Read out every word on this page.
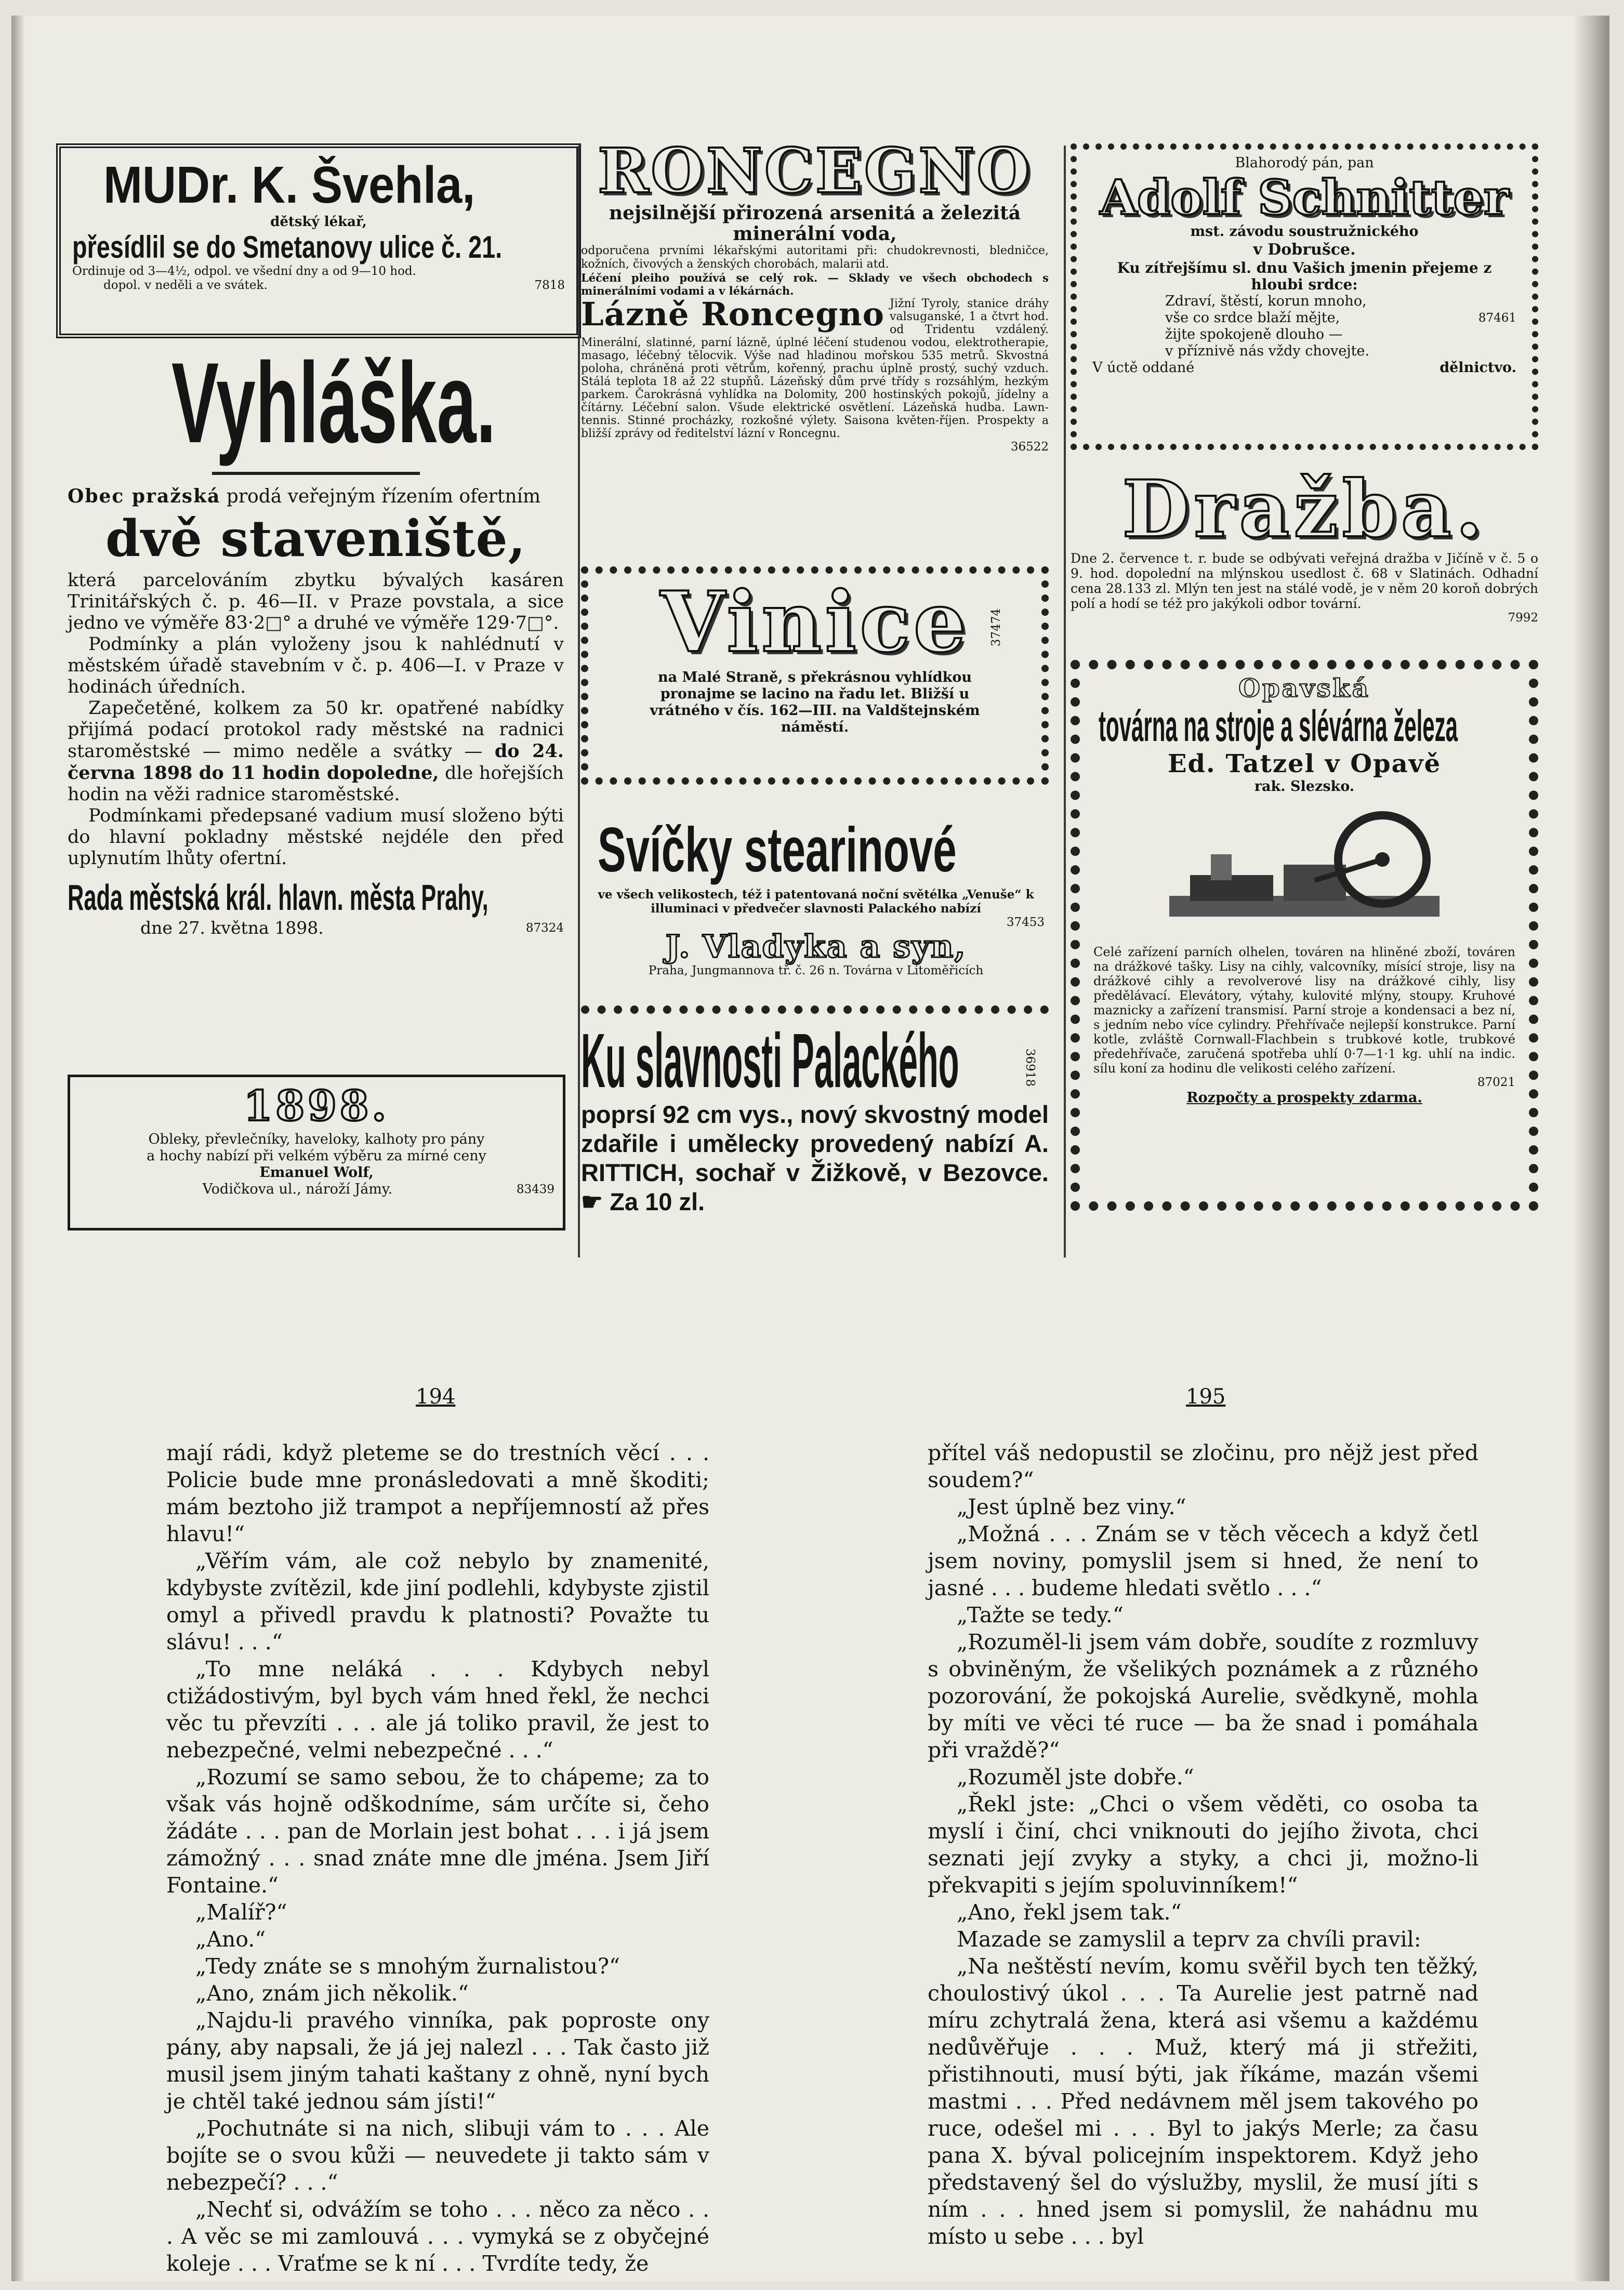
MUDr. K. Švehla,
dětský lékař,
přesídlil se do Smetanovy ulice č. 21.
Ordinuje od 3—4½, odpol. ve všední dny a od 9—10 hod.
dopol. v neděli a ve svátek.	7818
Vyhláška.
Obec pražská prodá veřejným řízením ofertním
dvě staveniště,

která parcelováním zbytku bývalých kasáren Trinitářských č. p. 46—II. v Praze povstala, a sice jedno ve výměře 83·2□° a druhé ve výměře 129·7□°.

Podmínky a plán vyloženy jsou k nahlédnutí v městském úřadě stavebním v č. p. 406—I. v Praze v hodinách úředních.

Zapečetěné, kolkem za 50 kr. opatřené nabídky přijímá podací protokol rady městské na radnici staroměstské — mimo neděle a svátky — do 24. června 1898 do 11 hodin dopoledne, dle hořejších hodin na věži radnice staroměstské.

Podmínkami předepsané vadium musí složeno býti do hlavní pokladny městské nejdéle den před uplynutím lhůty ofertní.

Rada městská král. hlavn. města Prahy,
dne 27. května 1898.	87324
1898.
Obleky, převlečníky, haveloky, kalhoty pro pány a hochy nabízí při velkém výběru za mírné ceny
Emanuel Wolf,
Vodičkova ul., nároží Jámy.	83439
RONCEGNO
nejsilnější přirozená arsenitá a železitá minerální voda,
odporučena prvními lékařskými autoritami při: chudokrevnosti, bledničce, kožních, čivových a ženských chorobách, malarii atd.
Léčení pleiho používá se celý rok. — Sklady ve všech obchodech s minerálními vodami a v lékárnách.
Lázně Roncegno Jižní Tyroly, stanice dráhy valsuganské, 1 a čtvrt hod. od Tridentu vzdálený. Minerální, slatinné, parní lázně, úplné léčení studenou vodou, elektrotherapie, masago, léčebný tělocvik. Výše nad hladinou mořskou 535 metrů. Skvostná poloha, chráněná proti větrům, kořenný, prachu úplně prostý, suchý vzduch. Stálá teplota 18 až 22 stupňů. Lázeňský dům prvé třídy s rozsáhlým, hezkým parkem. Čarokrásná vyhlídka na Dolomity, 200 hostinských pokojů, jídelny a čítárny. Léčební salon. Všude elektrické osvětlení. Lázeňská hudba. Lawn-tennis. Stinné procházky, rozkošné výlety. Saisona květen-říjen. Prospekty a bližší zprávy od ředitelství lázní v Roncegnu.
36522
Vinice
na Malé Straně, s překrásnou vyhlídkou pronajme se lacino na řadu let. Bližší u vrátného v čís. 162—III. na Valdštejnském náměstí.
37474
Svíčky stearinové
ve všech velikostech, též i patentovaná noční světélka „Venuše“ k illuminaci v předvečer slavnosti Palackého nabízí
37453
J. Vladyka a syn,
Praha, Jungmannova tř. č. 26 n. Továrna v Litoměřicích
Ku slavnosti Palackého
poprsí 92 cm vys., nový skvostný model zdařile i umělecky provedený nabízí A. RITTICH, sochař v Žižkově, v Bezovce. ☛ Za 10 zl.
36918
Blahorodý pán, pan
Adolf Schnitter
mst. závodu soustružnického
v Dobrušce.
Ku zítřejšímu sl. dnu Vašich jmenin přejeme z hloubi srdce:
Zdraví, štěstí, korun mnoho,
vše co srdce blaží mějte,	87461
žijte spokojeně dlouho —
v příznivě nás vždy chovejte.
V úctě oddané	dělnictvo.
Dražba.
Dne 2. července t. r. bude se odbývati veřejná dražba v Jičíně v č. 5 o 9. hod. dopolední na mlýnskou usedlost č. 68 v Slatinách. Odhadní cena 28.133 zl. Mlýn ten jest na stálé vodě, je v něm 20 koroň dobrých polí a hodí se též pro jakýkoli odbor tovární.
7992
Opavská
továrna na stroje a slévárna železa
Ed. Tatzel v Opavě
rak. Slezsko.
Celé zařízení parních olhelen, továren na hliněné zboží, továren na drážkové tašky. Lisy na cihly, valcovníky, mísící stroje, lisy na drážkové cihly a revolverové lisy na drážkové cihly, lisy předělávací. Elevátory, výtahy, kulovité mlýny, stoupy. Kruhové maznicky a zařízení transmisí. Parní stroje a kondensaci a bez ní, s jedním nebo více cylindry. Přehřívače nejlepší konstrukce. Parní kotle, zvláště Cornwall-Flachbein s trubkové kotle, trubkové předehřívače, zaručená spotřeba uhlí 0·7—1·1 kg. uhlí na indic. sílu koní za hodinu dle velikosti celého zařízení.
87021
Rozpočty a prospekty zdarma.
194	195

mají rádi, když pleteme se do trestních věcí . . . Policie bude mne pronásledovati a mně škoditi; mám beztoho již trampot a nepříjemností až přes hlavu!“

„Věřím vám, ale což nebylo by znamenité, kdybyste zvítězil, kde jiní podlehli, kdybyste zjistil omyl a přivedl pravdu k platnosti? Považte tu slávu! . . .“

„To mne neláká . . . Kdybych nebyl ctižádostivým, byl bych vám hned řekl, že nechci věc tu převzíti . . . ale já toliko pravil, že jest to nebezpečné, velmi nebezpečné . . .“

„Rozumí se samo sebou, že to chápeme; za to však vás hojně odškodníme, sám určíte si, čeho žádáte . . . pan de Morlain jest bohat . . . i já jsem zámožný . . . snad znáte mne dle jména. Jsem Jiří Fontaine.“

„Malíř?“

„Ano.“

„Tedy znáte se s mnohým žurnalistou?“

„Ano, znám jich několik.“

„Najdu-li pravého vinníka, pak poproste ony pány, aby napsali, že já jej nalezl . . . Tak často již musil jsem jiným tahati kaštany z ohně, nyní bych je chtěl také jednou sám jísti!“

„Pochutnáte si na nich, slibuji vám to . . . Ale bojíte se o svou kůži — neuvedete ji takto sám v nebezpečí? . . .“

„Nechť si, odvážím se toho . . . něco za něco . . . A věc se mi zamlouvá . . . vymyká se z obyčejné koleje . . . Vraťme se k ní . . . Tvrdíte tedy, že

přítel váš nedopustil se zločinu, pro nějž jest před soudem?“

„Jest úplně bez viny.“

„Možná . . . Znám se v těch věcech a když četl jsem noviny, pomyslil jsem si hned, že není to jasné . . . budeme hledati světlo . . .“

„Tažte se tedy.“

„Rozuměl-li jsem vám dobře, soudíte z rozmluvy s obviněným, že všelikých poznámek a z různého pozorování, že pokojská Aurelie, svědkyně, mohla by míti ve věci té ruce — ba že snad i pomáhala při vraždě?“

„Rozuměl jste dobře.“

„Řekl jste: „Chci o všem věděti, co osoba ta myslí i činí, chci vniknouti do jejího života, chci seznati její zvyky a styky, a chci ji, možno-li překvapiti s jejím spoluvinníkem!“

„Ano, řekl jsem tak.“

Mazade se zamyslil a teprv za chvíli pravil:

„Na neštěstí nevím, komu svěřil bych ten těžký, choulostivý úkol . . . Ta Aurelie jest patrně nad míru zchytralá žena, která asi všemu a každému nedůvěřuje . . . Muž, který má ji střežiti, přistihnouti, musí býti, jak říkáme, mazán všemi mastmi . . . Před nedávnem měl jsem takového po ruce, odešel mi . . . Byl to jakýs Merle; za času pana X. býval policejním inspektorem. Když jeho představený šel do výslužby, myslil, že musí jíti s ním . . . hned jsem si pomyslil, že nahádnu mu místo u sebe . . . byl
